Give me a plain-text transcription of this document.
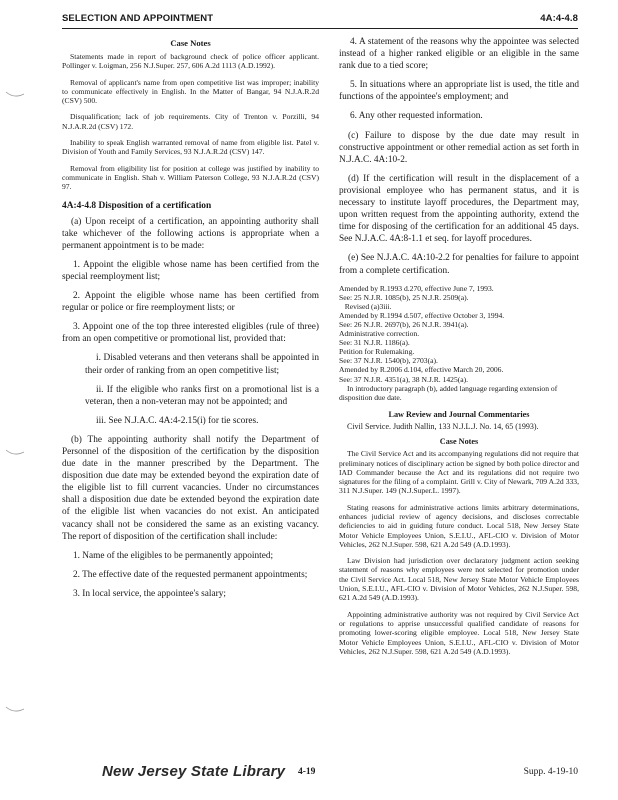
SELECTION AND APPOINTMENT	4A:4-4.8
Case Notes

Statements made in report of background check of police officer applicant. Pollinger v. Loigman, 256 N.J.Super. 257, 606 A.2d 1113 (A.D.1992).

Removal of applicant's name from open competitive list was improper; inability to communicate effectively in English. In the Matter of Bangar, 94 N.J.A.R.2d (CSV) 500.

Disqualification; lack of job requirements. City of Trenton v. Porzilli, 94 N.J.A.R.2d (CSV) 172.

Inability to speak English warranted removal of name from eligible list. Patel v. Division of Youth and Family Services, 93 N.J.A.R.2d (CSV) 147.

Removal from eligibility list for position at college was justified by inability to communicate in English. Shah v. William Paterson College, 93 N.J.A.R.2d (CSV) 97.

4A:4-4.8 Disposition of a certification

(a) Upon receipt of a certification, an appointing authority shall take whichever of the following actions is appropriate when a permanent appointment is to be made:

1. Appoint the eligible whose name has been certified from the special reemployment list;

2. Appoint the eligible whose name has been certified from regular or police or fire reemployment lists; or

3. Appoint one of the top three interested eligibles (rule of three) from an open competitive or promotional list, provided that:

i. Disabled veterans and then veterans shall be appointed in their order of ranking from an open competitive list;

ii. If the eligible who ranks first on a promotional list is a veteran, then a non-veteran may not be appointed; and

iii. See N.J.A.C. 4A:4-2.15(i) for tie scores.

(b) The appointing authority shall notify the Department of Personnel of the disposition of the certification by the disposition due date in the manner prescribed by the Department. The disposition due date may be extended beyond the expiration date of the eligible list to fill current vacancies. Under no circumstances shall a disposition due date be extended beyond the expiration date of the eligible list when vacancies do not exist. An anticipated vacancy shall not be considered the same as an existing vacancy. The report of disposition of the certification shall include:

1. Name of the eligibles to be permanently appointed;

2. The effective date of the requested permanent appointments;

3. In local service, the appointee's salary;

4. A statement of the reasons why the appointee was selected instead of a higher ranked eligible or an eligible in the same rank due to a tied score;

5. In situations where an appropriate list is used, the title and functions of the appointee's employment; and

6. Any other requested information.

(c) Failure to dispose by the due date may result in constructive appointment or other remedial action as set forth in N.J.A.C. 4A:10-2.

(d) If the certification will result in the displacement of a provisional employee who has permanent status, and it is necessary to institute layoff procedures, the Department may, upon written request from the appointing authority, extend the time for disposing of the certification for an additional 45 days. See N.J.A.C. 4A:8-1.1 et seq. for layoff procedures.

(e) See N.J.A.C. 4A:10-2.2 for penalties for failure to appoint from a complete certification.

Amended by R.1993 d.270, effective June 7, 1993.

See: 25 N.J.R. 1085(b), 25 N.J.R. 2509(a).

Revised (a)3iii.

Amended by R.1994 d.507, effective October 3, 1994.

See: 26 N.J.R. 2697(b), 26 N.J.R. 3941(a).

Administrative correction.

See: 31 N.J.R. 1186(a).

Petition for Rulemaking.

See: 37 N.J.R. 1540(b), 2703(a).

Amended by R.2006 d.104, effective March 20, 2006.

See: 37 N.J.R. 4351(a), 38 N.J.R. 1425(a).

In introductory paragraph (b), added language regarding extension of disposition due date.

Law Review and Journal Commentaries

Civil Service. Judith Nallin, 133 N.J.L.J. No. 14, 65 (1993).

Case Notes

The Civil Service Act and its accompanying regulations did not require that preliminary notices of disciplinary action be signed by both police director and IAD Commander because the Act and its regulations did not require two signatures for the filing of a complaint. Grill v. City of Newark, 709 A.2d 333, 311 N.J.Super. 149 (N.J.Super.L. 1997).

Stating reasons for administrative actions limits arbitrary determinations, enhances judicial review of agency decisions, and discloses correctable deficiencies to aid in guiding future conduct. Local 518, New Jersey State Motor Vehicle Employees Union, S.E.I.U., AFL-CIO v. Division of Motor Vehicles, 262 N.J.Super. 598, 621 A.2d 549 (A.D.1993).

Law Division had jurisdiction over declaratory judgment action seeking statement of reasons why employees were not selected for promotion under the Civil Service Act. Local 518, New Jersey State Motor Vehicle Employees Union, S.E.I.U., AFL-CIO v. Division of Motor Vehicles, 262 N.J.Super. 598, 621 A.2d 549 (A.D.1993).

Appointing administrative authority was not required by Civil Service Act or regulations to apprise unsuccessful qualified candidate of reasons for promoting lower-scoring eligible employee. Local 518, New Jersey State Motor Vehicle Employees Union, S.E.I.U., AFL-CIO v. Division of Motor Vehicles, 262 N.J.Super. 598, 621 A.2d 549 (A.D.1993).

New Jersey State Library 4-19	Supp. 4-19-10
